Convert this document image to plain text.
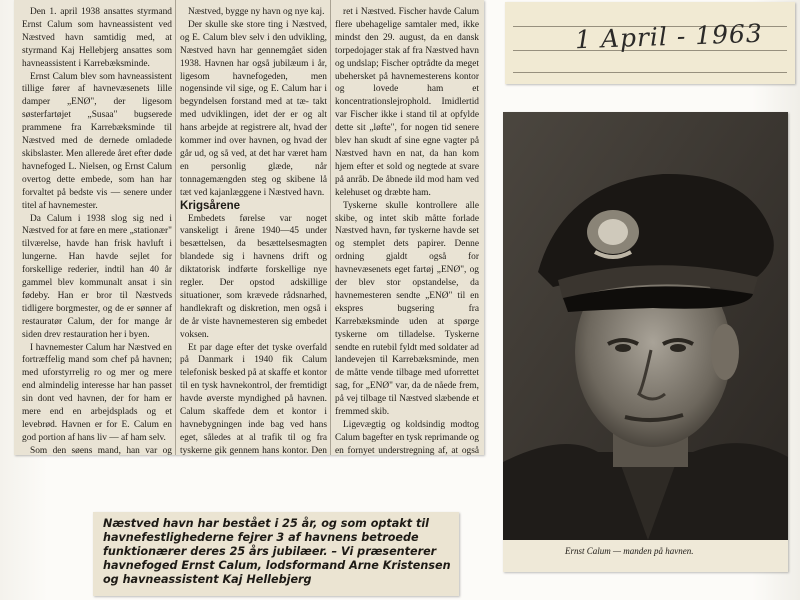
Den 1. april 1938 ansattes styrmand Ernst Calum som havneassistent ved Næstved havn samtidig med, at styrmand Kaj Hellebjerg ansattes som havneassistent i Karrebæksminde.

Ernst Calum blev som havneassistent tillige fører af havnevæsenets lille damper „ENØ", der ligesom søsterfartøjet „Susaa" bugserede prammene fra Karrebæksminde til Næstved med de dernede omladede skibslaster. Men allerede året efter døde havnefoged L. Nielsen, og Ernst Calum overtog dette embede, som han har forvaltet på bedste vis — senere under titel af havnemester.

Da Calum i 1938 slog sig ned i Næstved for at føre en mere „stationær" tilværelse, havde han frisk havluft i lungerne. Han havde sejlet for forskellige rederier, indtil han 40 år gammel blev kommunalt ansat i sin fødeby. Han er bror til Næstveds tidligere borgmester, og de er sønner af restauratør Calum, der for mange år siden drev restauration her i byen.

I havnemester Calum har Næstved en fortræffelig mand som chef på havnen; med uforstyrrelig ro og mer og mere end almindelig interesse har han passet sin dont ved havnen, der for ham er mere end en arbejdsplads og et levebrød. Havnen er for E. Calum en god portion af hans liv — af ham selv.

Som den søens mand, han var og

Næstved, bygge ny havn og nye kaj.

Der skulle ske store ting i Næstved, og E. Calum blev selv i den udvikling, Næstved havn har gennemgået siden 1938. Havnen har også jubilæum i år, ligesom havnefogeden, men nogensinde vil sige, og E. Calum har i begyndelsen forstand med at tæ- takt med udviklingen, idet der er og alt hans arbejde at registrere alt, hvad der kommer ind over havnen, og hvad der går ud, og så ved, at det har været ham en personlig glæde, når tonnagemængden steg og skibene lå tæt ved kajanlæggene i Næstved havn.

Krigsårene

Embedets førelse var noget vanskeligt i årene 1940—45 under besættelsen, da besættelsesmagten blandede sig i havnens drift og diktatorisk indførte forskellige nye regler. Der opstod adskillige situationer, som krævede rådsnarhed, handlekraft og diskretion, men også i de år viste havnemesteren sig embedet voksen.

Et par dage efter det tyske overfald på Danmark i 1940 fik Calum telefonisk besked på at skaffe et kontor til en tysk havnekontrol, der fremtidigt havde øverste myndighed på havnen. Calum skaffede dem et kontor i havnebygningen inde bag ved hans eget, således at al trafik til og fra tyskerne gik gennem hans kontor. Den

ret i Næstved. Fischer havde Calum flere ubehagelige samtaler med, ikke mindst den 29. august, da en dansk torpedojager stak af fra Næstved havn og undslap; Fischer optrådte da meget ubehersket på havnemesterens kontor og lovede ham et koncentrationslejrophold. Imidlertid var Fischer ikke i stand til at opfylde dette sit „løfte", for nogen tid senere blev han skudt af sine egne vagter på Næstved havn en nat, da han kom hjem efter et sold og negtede at svare på anråb. De åbnede ild mod ham ved kelehuset og dræbte ham.

Tyskerne skulle kontrollere alle skibe, og intet skib måtte forlade Næstved havn, før tyskerne havde set og stemplet dets papirer. Denne ordning gjaldt også for havnevæsenets eget fartøj „ENØ", og der blev stor opstandelse, da havnemesteren sendte „ENØ" til en ekspres bugsering fra Karrebæksminde uden at spørge tyskerne om tilladelse. Tyskerne sendte en rutebil fyldt med soldater ad landevejen til Karrebæksminde, men de måtte vende tilbage med uforrettet sag, for „ENØ" var, da de nåede frem, på vej tilbage til Næstved slæbende et fremmed skib.

Ligevægtig og koldsindig modtog Calum bagefter en tysk reprimande og en fornyet understregning af, at også

1 April - 1963
Ernst Calum — manden på havnen.
Næstved havn har bestået i 25 år, og som optakt til havnefestlighederne fejrer 3 af havnens betroede funktionærer deres 25 års jubilæer. – Vi præsenterer havnefoged Ernst Calum, lodsformand Arne Kristensen og havneassistent Kaj Hellebjerg
